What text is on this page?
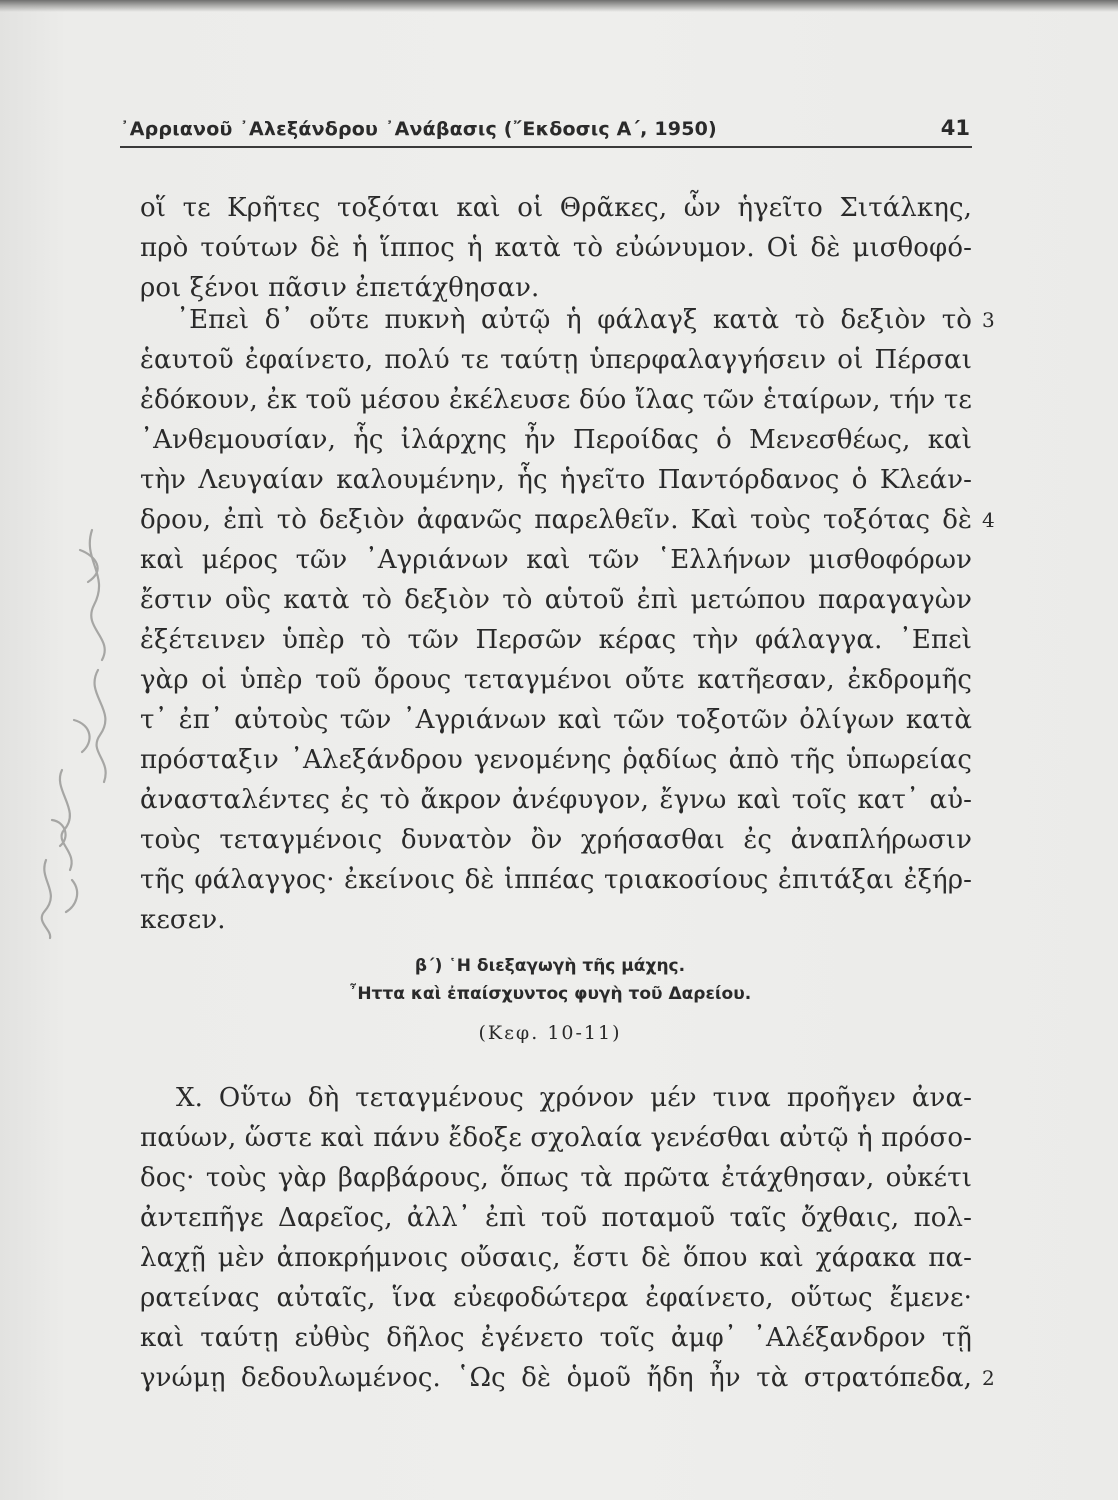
᾿Αρριανοῦ ᾿Αλεξάνδρου ᾿Ανάβασις (῎Εκδοσις Α΄, 1950)	41
οἵ τε Κρῆτες τοξόται καὶ οἱ Θρᾶκες, ὧν ἡγεῖτο Σιτάλκης,
πρὸ τούτων δὲ ἡ ἵππος ἡ κατὰ τὸ εὐώνυμον. Οἱ δὲ μισθοφό-
ροι ξένοι πᾶσιν ἐπετάχθησαν.
᾿Επεὶ δ᾿ οὔτε πυκνὴ αὐτῷ ἡ φάλαγξ κατὰ τὸ δεξιὸν τὸ
ἑαυτοῦ ἐφαίνετο, πολύ τε ταύτῃ ὑπερφαλαγγήσειν οἱ Πέρσαι
ἐδόκουν, ἐκ τοῦ μέσου ἐκέλευσε δύο ἴλας τῶν ἑταίρων, τήν τε
᾿Ανθεμουσίαν, ἧς ἰλάρχης ἦν Περοίδας ὁ Μενεσθέως, καὶ
τὴν Λευγαίαν καλουμένην, ἧς ἡγεῖτο Παντόρδανος ὁ Κλεάν-
δρου, ἐπὶ τὸ δεξιὸν ἀφανῶς παρελθεῖν. Καὶ τοὺς τοξότας δὲ
καὶ μέρος τῶν ᾿Αγριάνων καὶ τῶν ῾Ελλήνων μισθοφόρων
ἔστιν οὓς κατὰ τὸ δεξιὸν τὸ αὑτοῦ ἐπὶ μετώπου παραγαγὼν
ἐξέτεινεν ὑπὲρ τὸ τῶν Περσῶν κέρας τὴν φάλαγγα. ᾿Επεὶ
γὰρ οἱ ὑπὲρ τοῦ ὄρους τεταγμένοι οὔτε κατῆεσαν, ἐκδρομῆς
τ᾿ ἐπ᾿ αὐτοὺς τῶν ᾿Αγριάνων καὶ τῶν τοξοτῶν ὀλίγων κατὰ
πρόσταξιν ᾿Αλεξάνδρου γενομένης ῥᾳδίως ἀπὸ τῆς ὑπωρείας
ἀνασταλέντες ἐς τὸ ἄκρον ἀνέφυγον, ἔγνω καὶ τοῖς κατ᾿ αὐ-
τοὺς τεταγμένοις δυνατὸν ὂν χρήσασθαι ἐς ἀναπλήρωσιν
τῆς φάλαγγος· ἐκείνοις δὲ ἱππέας τριακοσίους ἐπιτάξαι ἐξήρ-
κεσεν.
3
4
2
β΄) ῾Η διεξαγωγὴ τῆς μάχης.
῏Ηττα καὶ ἐπαίσχυντος φυγὴ τοῦ Δαρείου.
(Κεφ. 10-11)
X. Οὕτω δὴ τεταγμένους χρόνον μέν τινα προῆγεν ἀνα-
παύων, ὥστε καὶ πάνυ ἔδοξε σχολαία γενέσθαι αὐτῷ ἡ πρόσο-
δος· τοὺς γὰρ βαρβάρους, ὅπως τὰ πρῶτα ἐτάχθησαν, οὐκέτι
ἀντεπῆγε Δαρεῖος, ἀλλ᾿ ἐπὶ τοῦ ποταμοῦ ταῖς ὄχθαις, πολ-
λαχῇ μὲν ἀποκρήμνοις οὔσαις, ἔστι δὲ ὅπου καὶ χάρακα πα-
ρατείνας αὐταῖς, ἵνα εὐεφοδώτερα ἐφαίνετο, οὕτως ἔμενε·
καὶ ταύτῃ εὐθὺς δῆλος ἐγένετο τοῖς ἀμφ᾿ ᾿Αλέξανδρον τῇ
γνώμῃ δεδουλωμένος. ῾Ως δὲ ὁμοῦ ἤδη ἦν τὰ στρατόπεδα,
